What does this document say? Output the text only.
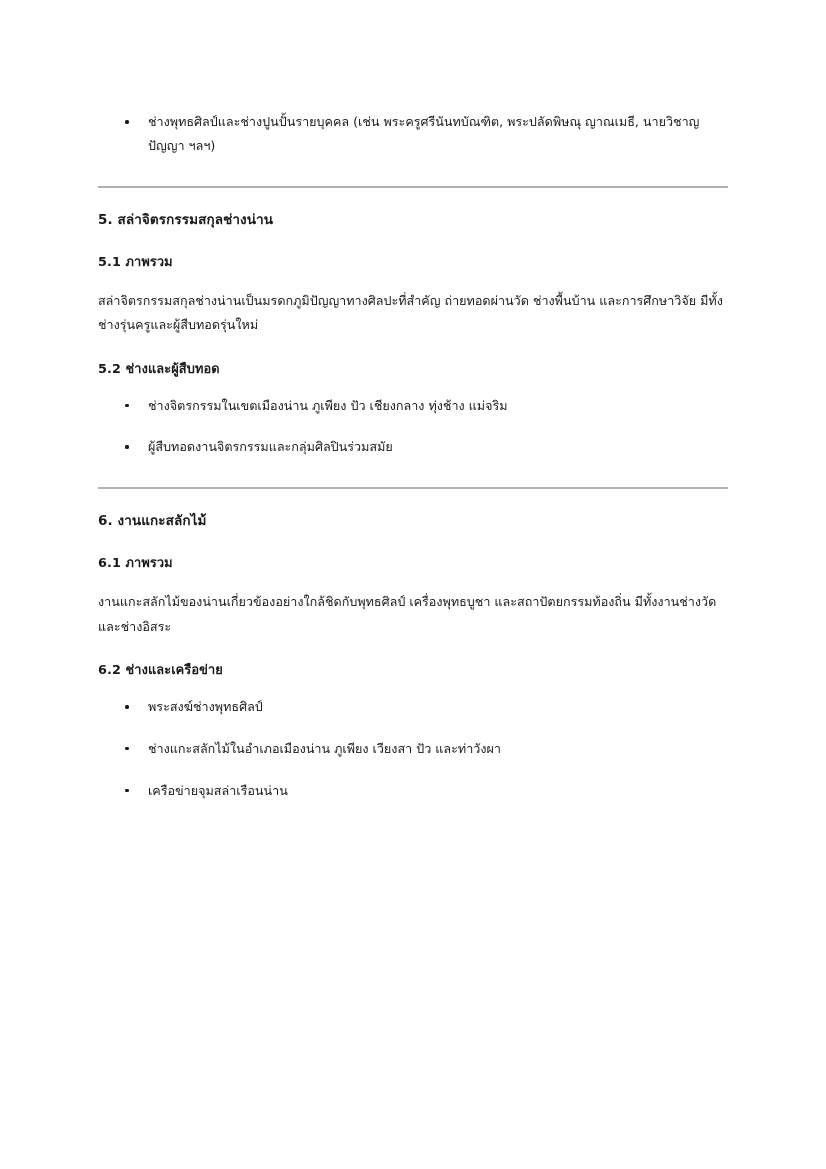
ช่างพุทธศิลป์และช่างปูนปั้นรายบุคคล (เช่น พระครูศรีนันทบัณฑิต, พระปลัดพิษณุ ญาณเมธี, นายวิชาญ ปัญญา ฯลฯ)
5. สล่าจิตรกรรมสกุลช่างน่าน
5.1 ภาพรวม

สล่าจิตรกรรมสกุลช่างน่านเป็นมรดกภูมิปัญญาทางศิลปะที่สำคัญ ถ่ายทอดผ่านวัด ช่างพื้นบ้าน และการศึกษาวิจัย มีทั้งช่างรุ่นครูและผู้สืบทอดรุ่นใหม่

5.2 ช่างและผู้สืบทอด
ช่างจิตรกรรมในเขตเมืองน่าน ภูเพียง ปัว เชียงกลาง ทุ่งช้าง แม่จริม
ผู้สืบทอดงานจิตรกรรมและกลุ่มศิลปินร่วมสมัย
6. งานแกะสลักไม้
6.1 ภาพรวม

งานแกะสลักไม้ของน่านเกี่ยวข้องอย่างใกล้ชิดกับพุทธศิลป์ เครื่องพุทธบูชา และสถาปัตยกรรมท้องถิ่น มีทั้งงานช่างวัดและช่างอิสระ

6.2 ช่างและเครือข่าย
พระสงฆ์ช่างพุทธศิลป์
ช่างแกะสลักไม้ในอำเภอเมืองน่าน ภูเพียง เวียงสา ปัว และท่าวังผา
เครือข่ายจุมสล่าเรือนน่าน
